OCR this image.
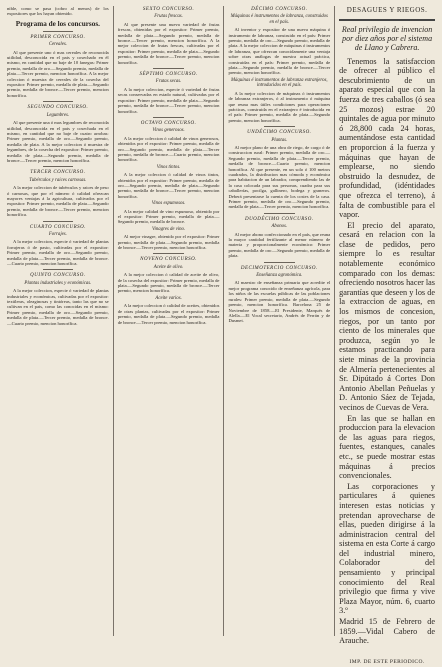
nible, como se pasa (cobro al menos) de los expositores que los hayan obtenido.

Programa de los concursos.
PRIMER CONCURSO.
Cereales.

Al que presente uno ó mas cereales de reconocida utilidad, desconocida en el pais y cosechado en él mismo, en cantidad que no baje de 10 fanegas: Primer premio, medalla de oro.—Segundo premio, medalla de plata.—Tercer premio, mencion honorífica. A la mejor coleccion ó muestra de cereales de la cosecha del expositor: Primer premio, medalla de plata.—Segundo premio, medalla de bronce.—Tercer premio, mencion honorífica.

SEGUNDO CONCURSO.
Legumbres.

Al que presente una ó mas legumbres de reconocida utilidad, desconocida en el pais y cosechada en el mismo, en cantidad que no baje de cuatro arrobas: Primer premio, medalla de oro.—Segundo premio, medalla de plata. A la mejor coleccion ó muestra de legumbres, de la cosecha del expositor: Primer premio, medalla de plata.—Segundo premio, medalla de bronce.—Tercer premio, mencion honorífica.

TERCER CONCURSO.
Tubérculos y raices carnosas.

A la mejor coleccion de tubérculos y raices de peso ó carnosas, que por el número ó calidad ofrezcan mayores ventajas á la agricultura, cultivados por el expositor: Primer premio, medalla de plata.—Segundo premio, medalla de bronce.—Tercer premio, mencion honorífica.

CUARTO CONCURSO.
Forrajes.

A la mejor coleccion, especie ó variedad de plantas forrajeras ó de pasto, cultivadas por el expositor: Primer premio, medalla de oro.—Segundo premio, medalla de plata.—Tercer premio, medalla de bronce.—Cuarto premio, mencion honorífica.

QUINTO CONCURSO.
Plantas industriales y económicas.

A la mejor coleccion, especie ó variedad de plantas industriales y económicas, cultivadas por el expositor: textileras, oleaginosas y tintóreas, tanto las que no se cultivan en el pais, como las conocidas en el mismo: Primer premio, medalla de oro.—Segundo premio, medalla de plata.—Tercer premio, medalla de bronce.—Cuarto premio, mencion honorífica.

SEXTO CONCURSO.
Frutas frescas.

Al que presente una nueva variedad de frutas frescas, obtenidas por el expositor: Primer premio, medalla de plata.—Segundo premio, medalla de bronce.—Tercer premio, mencion honorífica. A la mejor coleccion de frutas frescas, cultivadas por el expositor: Primer premio, medalla de plata.—Segundo premio, medalla de bronce.—Tercer premio, mencion honorífica.

SÉPTIMO CONCURSO.
Frutas secas.

A la mejor coleccion, especie ó variedad de frutas secas conservadas en estado natural, cultivadas por el expositor: Primer premio, medalla de plata.—Segundo premio, medalla de bronce.—Tercer premio, mencion honorífica.

OCTAVO CONCURSO.
Vinos generosos.

A la mejor coleccion ó calidad de vinos generosos, obtenidos por el expositor: Primer premio, medalla de oro.—Segundo premio, medalla de plata.—Tercer premio, medalla de bronce.—Cuarto premio, mencion honorífica.

Vinos tintos.

A la mejor coleccion ó calidad de vinos tintos, obtenidos por el expositor: Primer premio, medalla de oro.—Segundo premio, medalla de plata.—Segundo premio, medalla de bronce.—Tercer premio, mencion honorífica.

Vinos espumosos.

A la mejor calidad de vino espumoso, obtenido por el expositor: Primer premio, medalla de plata.—Segundo premio, medalla de bronce.

Vinagres de vino.

Al mejor vinagre, obtenido por el expositor: Primer premio, medalla de plata.—Segundo premio, medalla de bronce.—Tercer premio, mencion honorífica.

NOVENO CONCURSO.
Aceite de olivo.

A la mejor coleccion ó calidad de aceite de olivo, de la cosecha del expositor: Primer premio, medalla de plata.—Segundo premio, medalla de bronce.—Tercer premio, mencion honorífica.

Aceite varios.

A la mejor coleccion ó calidad de aceites, obtenidos de otras plantas, cultivadas por el expositor: Primer premio, medalla de plata.—Segundo premio, medalla de bronce.—Tercer premio, mencion honorífica.

DÉCIMO CONCURSO.
Máquinas é instrumentos de labranza, construidos en el país.

Al inventor y expositor de una nueva máquina ó instrumento de labranza, construido en el país: Primer premio, medalla de oro.—Segundo premio, medalla de plata. A la mejor coleccion de máquinas ó instrumentos de labranza, que ofrezcan conocidamente una ventaja sobre otras análogas de nuestra actual práctica, construidas en el país: Primer premio, medalla de plata.—Segundo premio, medalla de bronce.—Tercer premio, mencion honorífica.

Máquinas é instrumentos de labranza extranjeros, introducidos en el país.

A la mejor coleccion de máquinas ó instrumentos de labranza extranjeros, ó al instrumento ó máquina que reuna mas útiles condiciones para operaciones prácticas, construida en el extranjero é introducida en el país: Primer premio, medalla de plata.—Segundo premio, mencion honorífica.

UNDÉCIMO CONCURSO.
Plantas.

Al mejor plano de una obra de riego, de cargo ó de construccion rural: Primer premio, medalla de oro.—Segundo premio, medalla de plata.—Tercer premio, medalla de bronce.—Cuarto premio, mencion honorífica. Al que presente, en un solo ó 100 metros cuadrados, la distribucion mas cómoda y económica para habitacion de un labrador, comprendiendo las de la casa colocada para sus personas, cuadra para sus caballerías, pocilga, gallinero, bodega y graneros. Deberá presentarse la cuenta de los costes de la casa. Primer premio, medalla de oro.—Segundo premio, medalla de plata.—Tercer premio, mencion honorífica.

DUODÉCIMO CONCURSO.
Abonos.

Al mejor abono confeccionado en el país, que reuna la mayor cantidad fertilizante al menor número de materia y proporcionalmente económico: Primer premio, medalla de oro.—Segundo premio, medalla de plata.

DECIMOTERCIO CONCURSO.
Enseñanza agronómica.

Al maestro de enseñanza primaria que acredite el mejor programa conocido de enseñanza agrícola, para los niños de las escuelas públicas de las poblaciones rurales: Primer premio, medalla de plata.—Segundo premio, mencion honorífica. Barcelona 25 de Noviembre de 1858.—El Presidente, Marqués de Alella.—El Vocal secretario, Andrés de Ferrán y de Dusmet.

DESAGUES Y RIEGOS.
Real privilegio de invencion por diez años por el sistema de Llano y Cabrera.

Tenemos la satisfaccion de ofrecer al público el descubrimiento de un aparato especial que con la fuerza de tres caballos (ó sea 25 mozos) estrae 20 quintales de agua por minuto ó 28,800 cada 24 horas, aumentándose esta cantidad en proporcion á la fuerza y máquinas que hayan de emplearse, no siendo obstruido la desnudez, de profundidad, (idéntidades que ofrezca el terreno), á falta de combustible para el vapor.

El precio del aparato, cesará en relacion con la clase de pedidos, pero siempre lo es resultar notablemente económico comparado con los demas: ofreciendo nosotros hacer las garantías que deseen y los de la extraccion de aguas, en los mismos de concesion, riegos, por un tanto por ciento de los minerales que produzca, según yo le estamos practicando para siete minas de la provincia de Almería pertenecientes al Sr. Dipútado á Cortes Don Antonio Abellan Peñuelas y D. Antonio Sáez de Tejada, vecinos de Cuevas de Vera.

En las que se hallan en produccion para la elevacion de las aguas para riegos, fuentes, estanques, canales etc., se puede mostrar estas máquinas á precios convencionales.

Las corporaciones y particulares á quienes interesen estas noticias y pretendan aprovecharse de ellas, pueden dirigirse á la administracion central del sistema en esta Corte á cargo del industrial minero, Colaborador del pensamiento y principal conocimiento del Real privilegio que firma y vive Plaza Mayor, núm. 6, cuarto 3.º

Madrid 15 de Febrero de 1859.—Vidal Cabero de Arauche.

IMP. DE ESTE PERIODICO.
